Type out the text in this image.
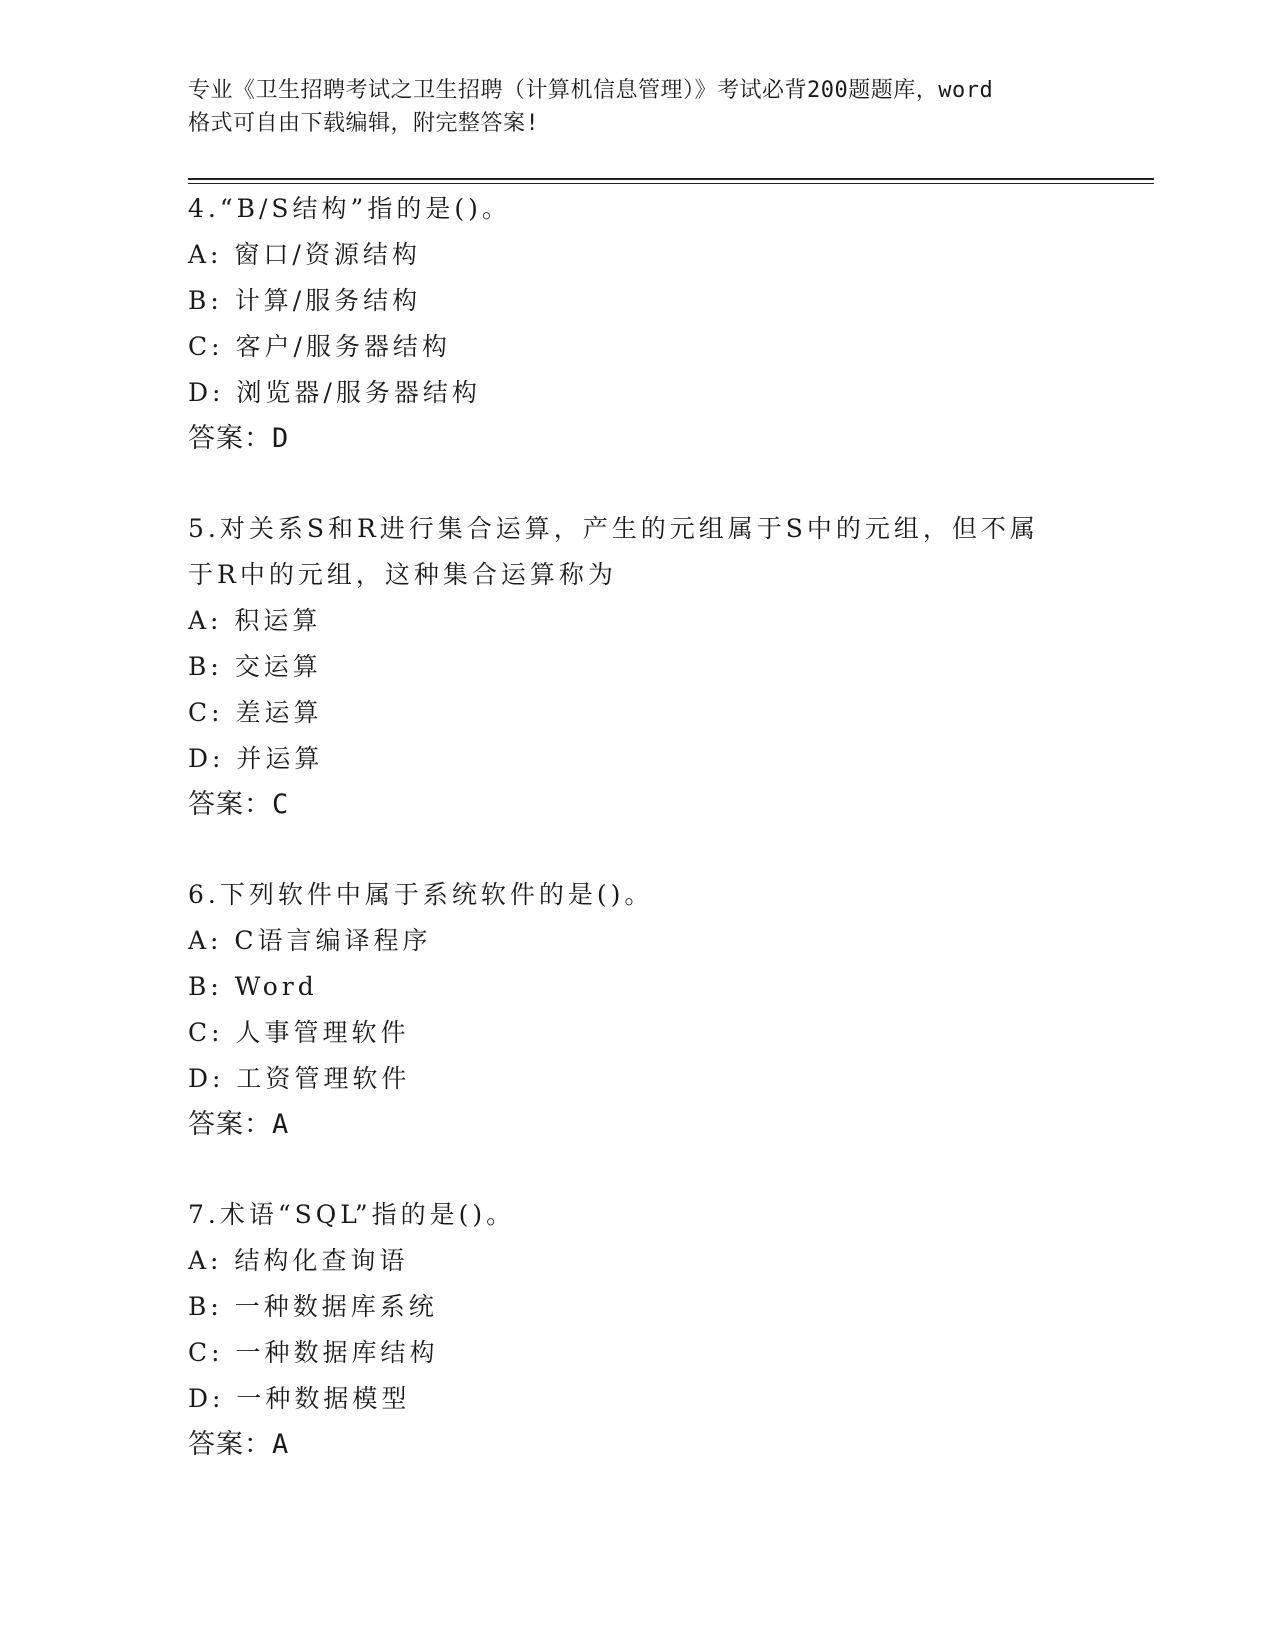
专业《卫生招聘考试之卫生招聘（计算机信息管理）》考试必背200题题库，word
格式可自由下载编辑，附完整答案!
4.“B/S结构”指的是()。
A: 窗口/资源结构
B: 计算/服务结构
C: 客户/服务器结构
D: 浏览器/服务器结构
答案：D
5.对关系S和R进行集合运算，产生的元组属于S中的元组，但不属
于R中的元组，这种集合运算称为
A: 积运算
B: 交运算
C: 差运算
D: 并运算
答案：C
6.下列软件中属于系统软件的是()。
A: C语言编译程序
B: Word
C: 人事管理软件
D: 工资管理软件
答案：A
7.术语“SQL”指的是()。
A: 结构化查询语
B: 一种数据库系统
C: 一种数据库结构
D: 一种数据模型
答案：A
